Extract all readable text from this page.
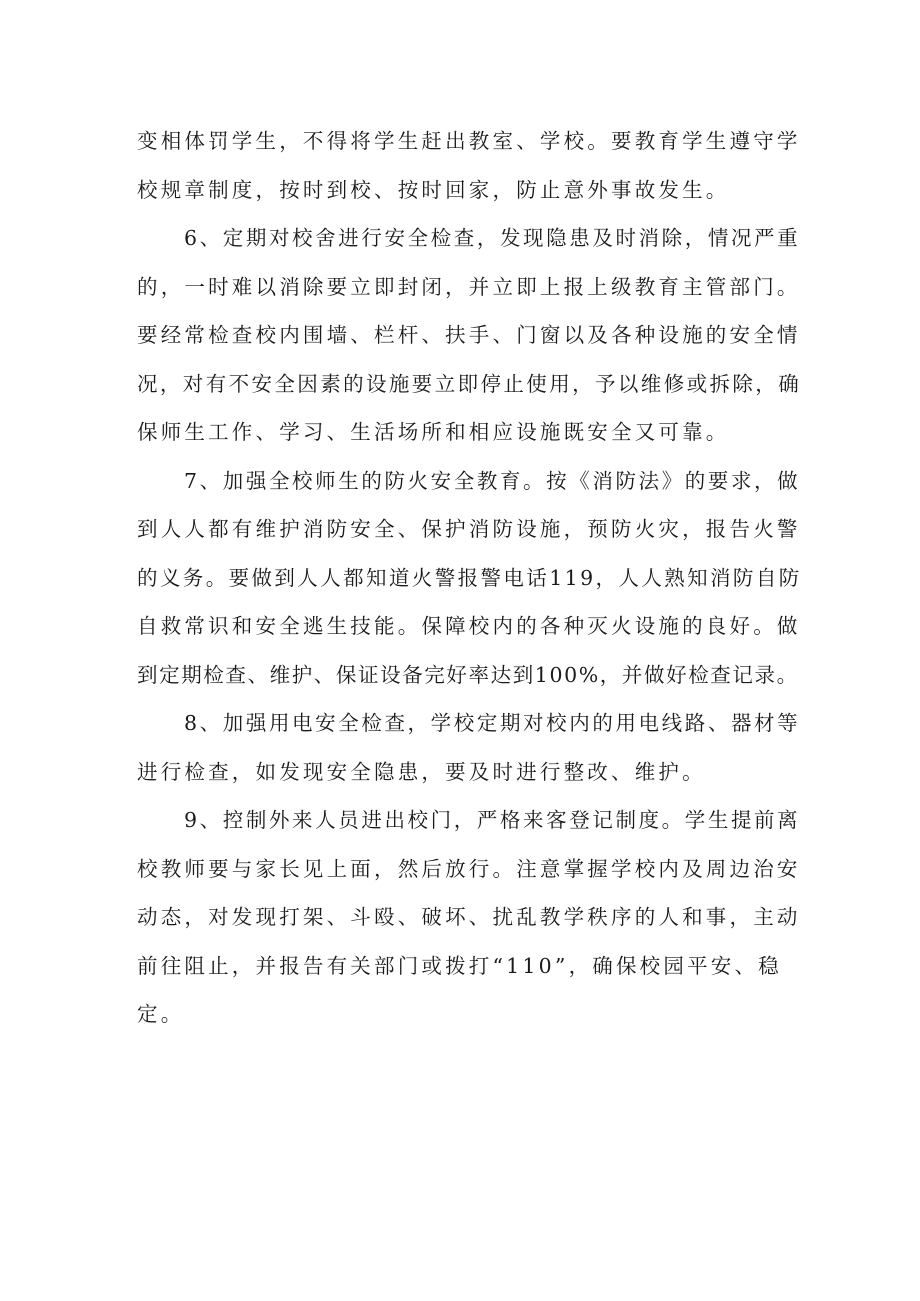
变相体罚学生，不得将学生赶出教室、学校。要教育学生遵守学
校规章制度，按时到校、按时回家，防止意外事故发生。

6、定期对校舍进行安全检查，发现隐患及时消除，情况严重
的，一时难以消除要立即封闭，并立即上报上级教育主管部门。
要经常检查校内围墙、栏杆、扶手、门窗以及各种设施的安全情
况，对有不安全因素的设施要立即停止使用，予以维修或拆除，确
保师生工作、学习、生活场所和相应设施既安全又可靠。

7、加强全校师生的防火安全教育。按《消防法》的要求，做
到人人都有维护消防安全、保护消防设施，预防火灾，报告火警
的义务。要做到人人都知道火警报警电话119，人人熟知消防自防
自救常识和安全逃生技能。保障校内的各种灭火设施的良好。做
到定期检查、维护、保证设备完好率达到100%，并做好检查记录。

8、加强用电安全检查，学校定期对校内的用电线路、器材等
进行检查，如发现安全隐患，要及时进行整改、维护。

9、控制外来人员进出校门，严格来客登记制度。学生提前离
校教师要与家长见上面，然后放行。注意掌握学校内及周边治安
动态，对发现打架、斗殴、破坏、扰乱教学秩序的人和事，主动
前往阻止，并报告有关部门或拨打“110”，确保校园平安、稳
定。
